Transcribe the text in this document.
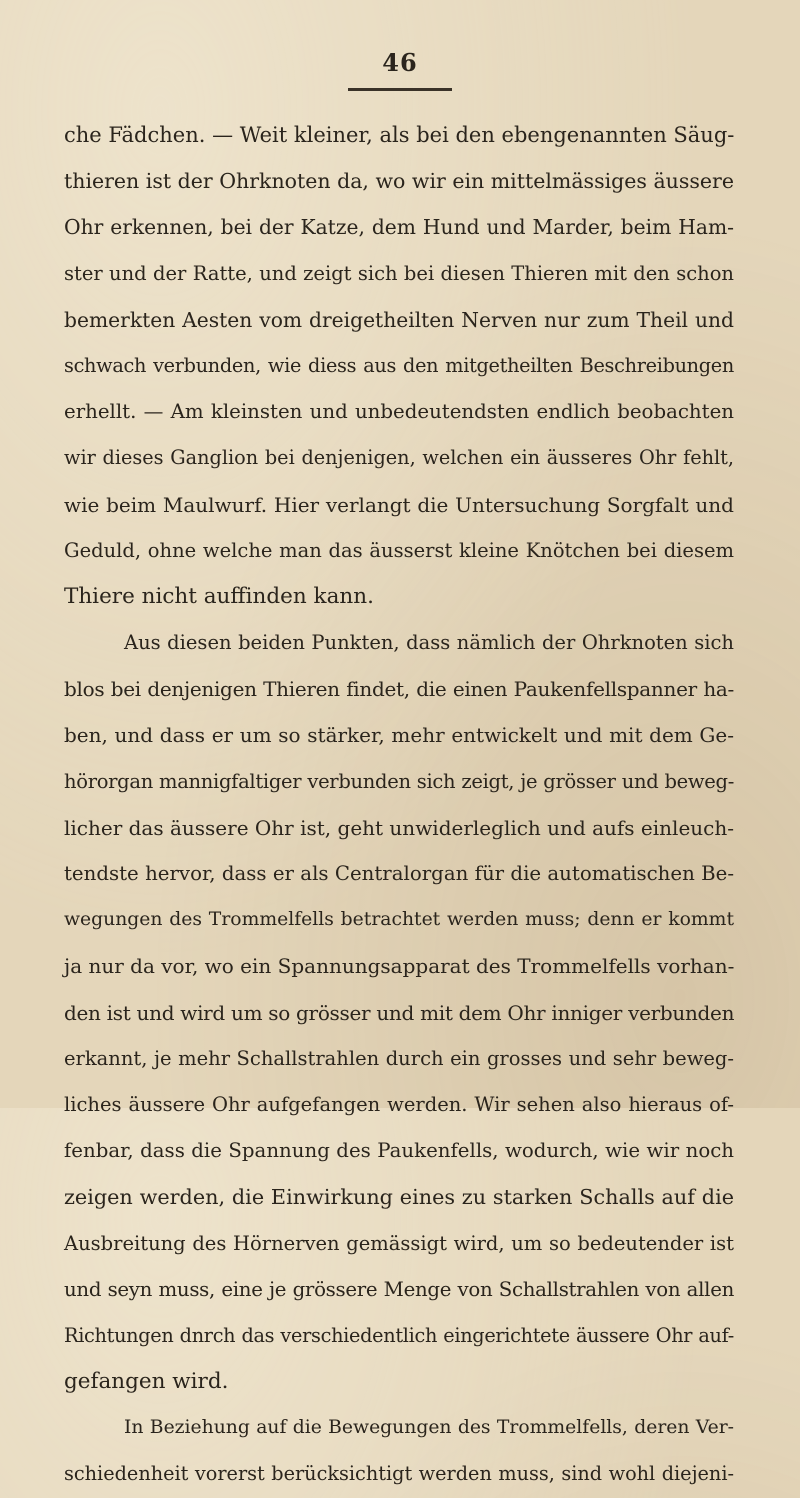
46
che Fädchen. — Weit kleiner, als bei den ebengenannten Säug-
thieren ist der Ohrknoten da, wo wir ein mittelmässiges äussere
Ohr erkennen, bei der Katze, dem Hund und Marder, beim Ham-
ster und der Ratte, und zeigt sich bei diesen Thieren mit den schon
bemerkten Aesten vom dreigetheilten Nerven nur zum Theil und
schwach verbunden, wie diess aus den mitgetheilten Beschreibungen
erhellt. — Am kleinsten und unbedeutendsten endlich beobachten
wir dieses Ganglion bei denjenigen, welchen ein äusseres Ohr fehlt,
wie beim Maulwurf. Hier verlangt die Untersuchung Sorgfalt und
Geduld, ohne welche man das äusserst kleine Knötchen bei diesem
Thiere nicht auffinden kann.
Aus diesen beiden Punkten, dass nämlich der Ohrknoten sich
blos bei denjenigen Thieren findet, die einen Paukenfellspanner ha-
ben, und dass er um so stärker, mehr entwickelt und mit dem Ge-
hörorgan mannigfaltiger verbunden sich zeigt, je grösser und beweg-
licher das äussere Ohr ist, geht unwiderleglich und aufs einleuch-
tendste hervor, dass er als Centralorgan für die automatischen Be-
wegungen des Trommelfells betrachtet werden muss; denn er kommt
ja nur da vor, wo ein Spannungsapparat des Trommelfells vorhan-
den ist und wird um so grösser und mit dem Ohr inniger verbunden
erkannt, je mehr Schallstrahlen durch ein grosses und sehr beweg-
liches äussere Ohr aufgefangen werden. Wir sehen also hieraus of-
fenbar, dass die Spannung des Paukenfells, wodurch, wie wir noch
zeigen werden, die Einwirkung eines zu starken Schalls auf die
Ausbreitung des Hörnerven gemässigt wird, um so bedeutender ist
und seyn muss, eine je grössere Menge von Schallstrahlen von allen
Richtungen dnrch das verschiedentlich eingerichtete äussere Ohr auf-
gefangen wird.
In Beziehung auf die Bewegungen des Trommelfells, deren Ver-
schiedenheit vorerst berücksichtigt werden muss, sind wohl diejeni-
